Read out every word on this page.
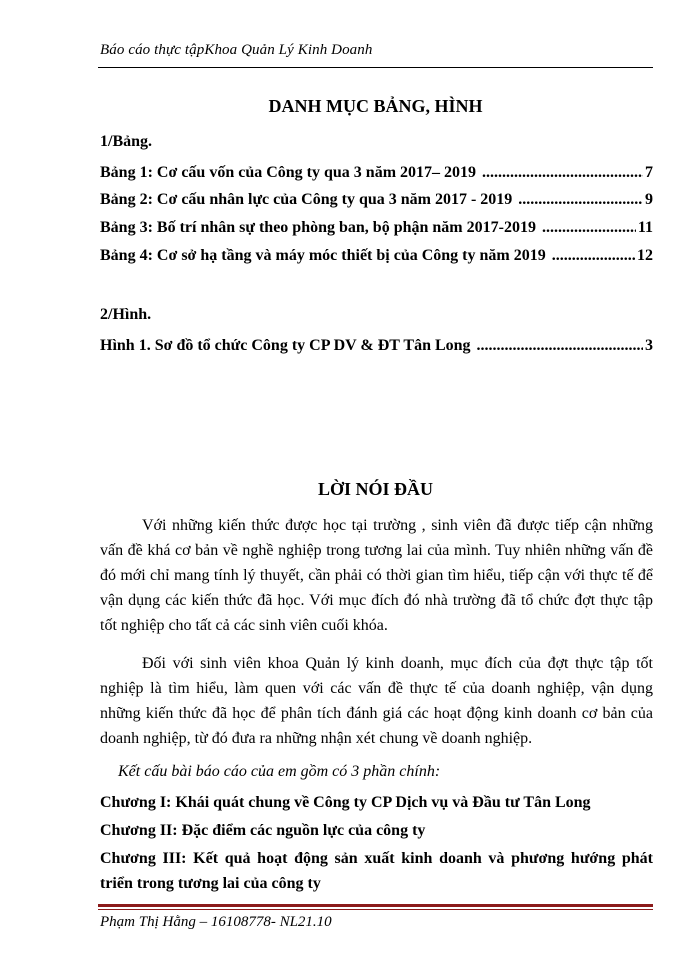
Báo cáo thực tậpKhoa Quản Lý Kinh Doanh
DANH MỤC BẢNG, HÌNH
1/Bảng.
Bảng 1: Cơ cấu vốn của Công ty qua 3 năm 2017– 2019 .....	7
Bảng 2: Cơ cấu nhân lực của Công ty qua 3 năm 2017 - 2019 .....	9
Bảng 3: Bố trí nhân sự theo phòng ban, bộ phận năm 2017-2019 .....	11
Bảng 4: Cơ sở hạ tầng và máy móc thiết bị của Công ty năm 2019 .....	12
2/Hình.
Hình 1. Sơ đồ tổ chức Công ty CP DV & ĐT Tân Long .....	3
LỜI NÓI ĐẦU
Với những kiến thức được học tại trường , sinh viên đã được tiếp cận những vấn đề khá cơ bản về nghề nghiệp trong tương lai của mình. Tuy nhiên những vấn đề đó mới chỉ mang tính lý thuyết, cần phải có thời gian tìm hiểu, tiếp cận với thực tế để vận dụng các kiến thức đã học. Với mục đích đó nhà trường đã tổ chức đợt thực tập tốt nghiệp cho tất cả các sinh viên cuối khóa.
Đối với sinh viên khoa Quản lý kinh doanh, mục đích của đợt thực tập tốt nghiệp là tìm hiểu, làm quen với các vấn đề thực tế của doanh nghiệp, vận dụng những kiến thức đã học để phân tích đánh giá các hoạt động kinh doanh cơ bản của doanh nghiệp, từ đó đưa ra những nhận xét chung về doanh nghiệp.
Kết cấu bài báo cáo của em gồm có 3 phần chính:
Chương I: Khái quát chung về Công ty CP Dịch vụ và Đầu tư Tân Long
Chương II: Đặc điểm các nguồn lực của công ty
Chương III: Kết quả hoạt động sản xuất kinh doanh và phương hướng phát triển trong tương lai của công ty
Phạm Thị Hằng – 16108778- NL21.10
